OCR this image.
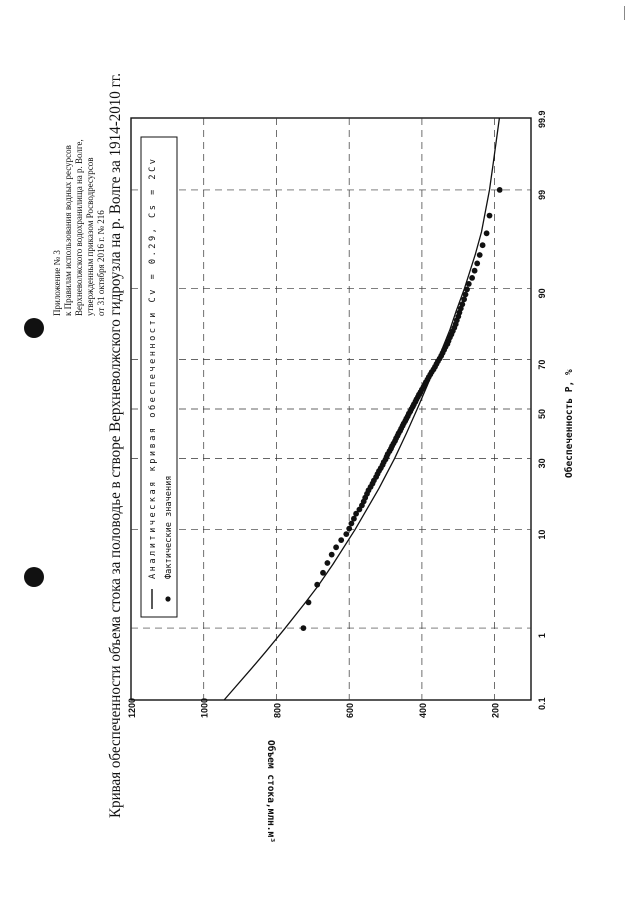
Приложение № 3 к Правилам использования водных ресурсов Верхневолжского водохранилища на р. Волге, утвержденным приказом Росводресурсов от 31 октября 2016 г. № 216 Кривая обеспеченности объема стока за половодье в створе Верхневолжского гидроузла на р. Волге за 1914-2010 гг.	Объем стока,млн.м³
Обеспеченность P, %
0.1
1
10
30
50
70
90
99
99.9
200
400
600
800
1000
1200
Аналитическая кривая обеспеченности Cv = 0.29, Cs = 2Cv
Фактические значения
